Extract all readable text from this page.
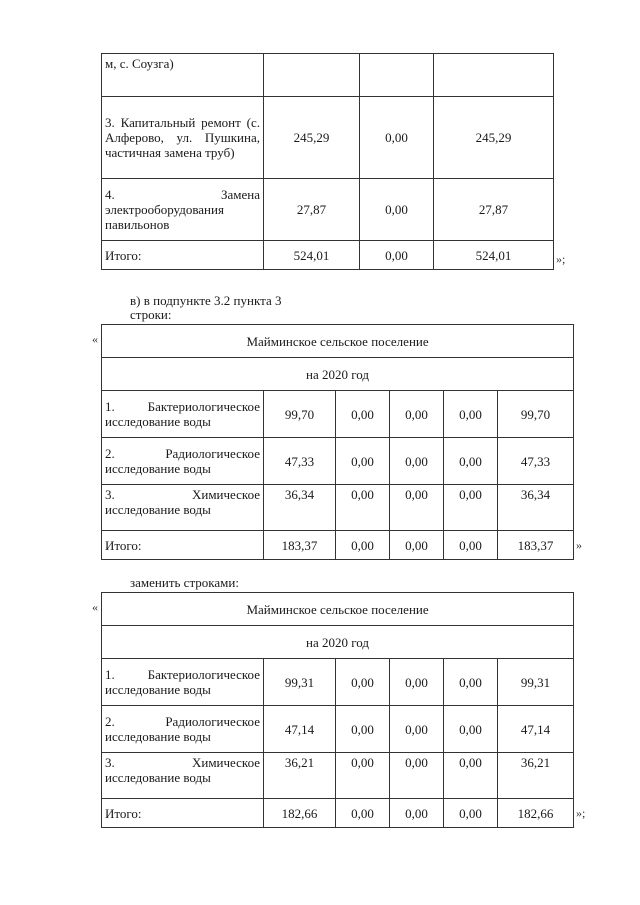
м, с. Соузга)			
3. Капитальный ремонт (с. Алферово, ул. Пушкина, частичная замена труб)	245,29	0,00	245,29
4. Замена электрооборудования павильонов	27,87	0,00	27,87
Итого:	524,01	0,00	524,01	»;
в) в подпункте 3.2 пункта 3
строки:
«	Майминское сельское поселение					
на 2020 год					
1. Бактериологическое исследование воды	99,70	0,00	0,00	0,00	99,70
2. Радиологическое исследование воды	47,33	0,00	0,00	0,00	47,33
3. Химическое исследование воды	36,34	0,00	0,00	0,00	36,34
Итого:	183,37	0,00	0,00	0,00	183,37 »
заменить строками:
«	Майминское сельское поселение					
на 2020 год					
1. Бактериологическое исследование воды	99,31	0,00	0,00	0,00	99,31
2. Радиологическое исследование воды	47,14	0,00	0,00	0,00	47,14
3. Химическое исследование воды	36,21	0,00	0,00	0,00	36,21
Итого:	182,66	0,00	0,00	0,00	182,66 »;
